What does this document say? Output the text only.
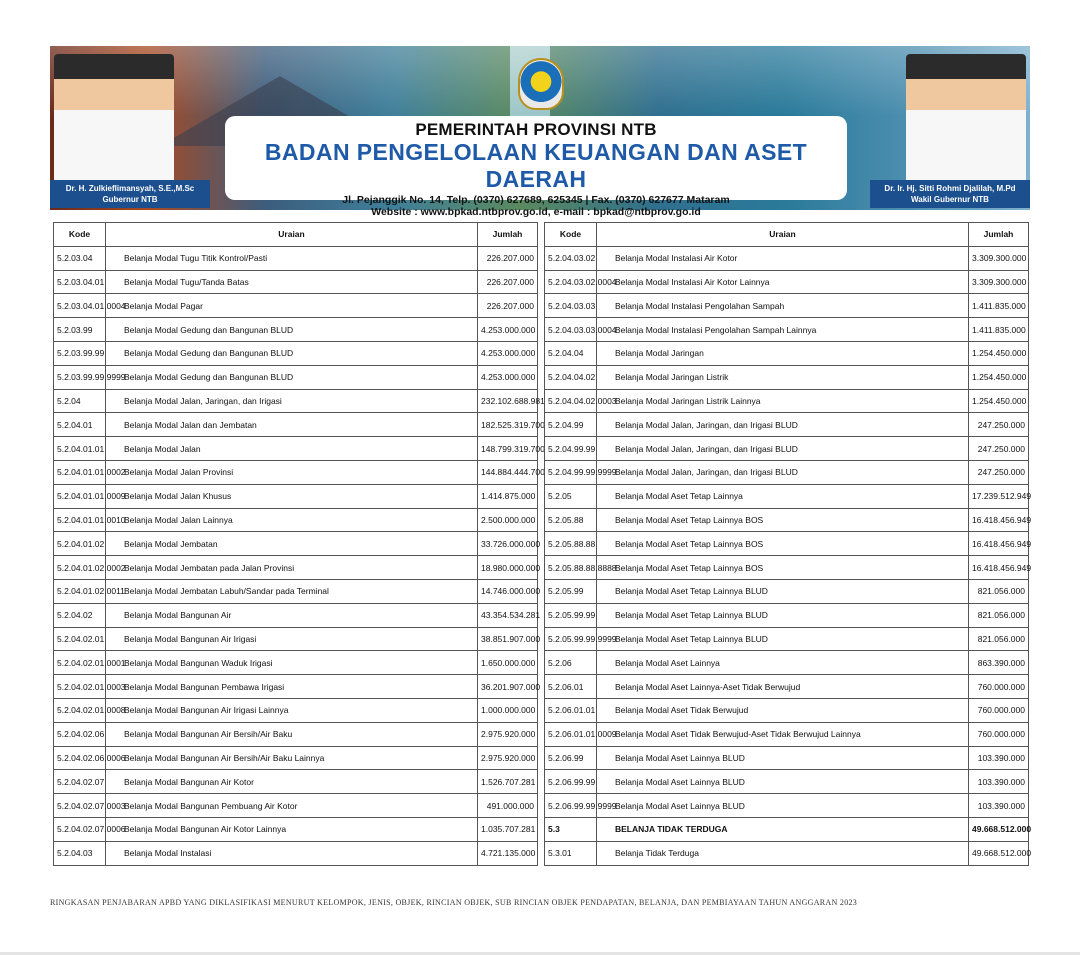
Dr. H. Zulkieflimansyah, S.E.,M.Sc
Gubernur NTB
Dr. Ir. Hj. Sitti Rohmi Djalilah, M.Pd
Wakil Gubernur NTB
PEMERINTAH PROVINSI NTB
BADAN PENGELOLAAN KEUANGAN DAN ASET DAERAH
Jl. Pejanggik No. 14, Telp. (0370) 627689, 625345 | Fax. (0370) 627677 Mataram
Website : www.bpkad.ntbprov.go.id, e-mail : bpkad@ntbprov.go.id
Kode	Uraian	Jumlah
5.2.03.04	Belanja Modal Tugu Titik Kontrol/Pasti	226.207.000
5.2.03.04.01	Belanja Modal Tugu/Tanda Batas	226.207.000
5.2.03.04.01.0004	Belanja Modal Pagar	226.207.000
5.2.03.99	Belanja Modal Gedung dan Bangunan BLUD	4.253.000.000
5.2.03.99.99	Belanja Modal Gedung dan Bangunan BLUD	4.253.000.000
5.2.03.99.99.9999	Belanja Modal Gedung dan Bangunan BLUD	4.253.000.000
5.2.04	Belanja Modal Jalan, Jaringan, dan Irigasi	232.102.688.981
5.2.04.01	Belanja Modal Jalan dan Jembatan	182.525.319.700
5.2.04.01.01	Belanja Modal Jalan	148.799.319.700
5.2.04.01.01.0002	Belanja Modal Jalan Provinsi	144.884.444.700
5.2.04.01.01.0009	Belanja Modal Jalan Khusus	1.414.875.000
5.2.04.01.01.0010	Belanja Modal Jalan Lainnya	2.500.000.000
5.2.04.01.02	Belanja Modal Jembatan	33.726.000.000
5.2.04.01.02.0002	Belanja Modal Jembatan pada Jalan Provinsi	18.980.000.000
5.2.04.01.02.0011	Belanja Modal Jembatan Labuh/Sandar pada Terminal	14.746.000.000
5.2.04.02	Belanja Modal Bangunan Air	43.354.534.281
5.2.04.02.01	Belanja Modal Bangunan Air Irigasi	38.851.907.000
5.2.04.02.01.0001	Belanja Modal Bangunan Waduk Irigasi	1.650.000.000
5.2.04.02.01.0003	Belanja Modal Bangunan Pembawa Irigasi	36.201.907.000
5.2.04.02.01.0008	Belanja Modal Bangunan Air Irigasi Lainnya	1.000.000.000
5.2.04.02.06	Belanja Modal Bangunan Air Bersih/Air Baku	2.975.920.000
5.2.04.02.06.0006	Belanja Modal Bangunan Air Bersih/Air Baku Lainnya	2.975.920.000
5.2.04.02.07	Belanja Modal Bangunan Air Kotor	1.526.707.281
5.2.04.02.07.0003	Belanja Modal Bangunan Pembuang Air Kotor	491.000.000
5.2.04.02.07.0006	Belanja Modal Bangunan Air Kotor Lainnya	1.035.707.281
5.2.04.03	Belanja Modal Instalasi	4.721.135.000
Kode	Uraian	Jumlah
5.2.04.03.02	Belanja Modal Instalasi Air Kotor	3.309.300.000
5.2.04.03.02.0004	Belanja Modal Instalasi Air Kotor Lainnya	3.309.300.000
5.2.04.03.03	Belanja Modal Instalasi Pengolahan Sampah	1.411.835.000
5.2.04.03.03.0004	Belanja Modal Instalasi Pengolahan Sampah Lainnya	1.411.835.000
5.2.04.04	Belanja Modal Jaringan	1.254.450.000
5.2.04.04.02	Belanja Modal Jaringan Listrik	1.254.450.000
5.2.04.04.02.0003	Belanja Modal Jaringan Listrik Lainnya	1.254.450.000
5.2.04.99	Belanja Modal Jalan, Jaringan, dan Irigasi BLUD	247.250.000
5.2.04.99.99	Belanja Modal Jalan, Jaringan, dan Irigasi BLUD	247.250.000
5.2.04.99.99.9999	Belanja Modal Jalan, Jaringan, dan Irigasi BLUD	247.250.000
5.2.05	Belanja Modal Aset Tetap Lainnya	17.239.512.949
5.2.05.88	Belanja Modal Aset Tetap Lainnya BOS	16.418.456.949
5.2.05.88.88	Belanja Modal Aset Tetap Lainnya BOS	16.418.456.949
5.2.05.88.88.8888	Belanja Modal Aset Tetap Lainnya BOS	16.418.456.949
5.2.05.99	Belanja Modal Aset Tetap Lainnya BLUD	821.056.000
5.2.05.99.99	Belanja Modal Aset Tetap Lainnya BLUD	821.056.000
5.2.05.99.99.9999	Belanja Modal Aset Tetap Lainnya BLUD	821.056.000
5.2.06	Belanja Modal Aset Lainnya	863.390.000
5.2.06.01	Belanja Modal Aset Lainnya-Aset Tidak Berwujud	760.000.000
5.2.06.01.01	Belanja Modal Aset Tidak Berwujud	760.000.000
5.2.06.01.01.0009	Belanja Modal Aset Tidak Berwujud-Aset Tidak Berwujud Lainnya	760.000.000
5.2.06.99	Belanja Modal Aset Lainnya BLUD	103.390.000
5.2.06.99.99	Belanja Modal Aset Lainnya BLUD	103.390.000
5.2.06.99.99.9999	Belanja Modal Aset Lainnya BLUD	103.390.000
5.3	BELANJA TIDAK TERDUGA	49.668.512.000
5.3.01	Belanja Tidak Terduga	49.668.512.000
RINGKASAN PENJABARAN APBD YANG DIKLASIFIKASI MENURUT KELOMPOK, JENIS, OBJEK, RINCIAN OBJEK, SUB RINCIAN OBJEK PENDAPATAN, BELANJA, DAN PEMBIAYAAN TAHUN ANGGARAN 2023
